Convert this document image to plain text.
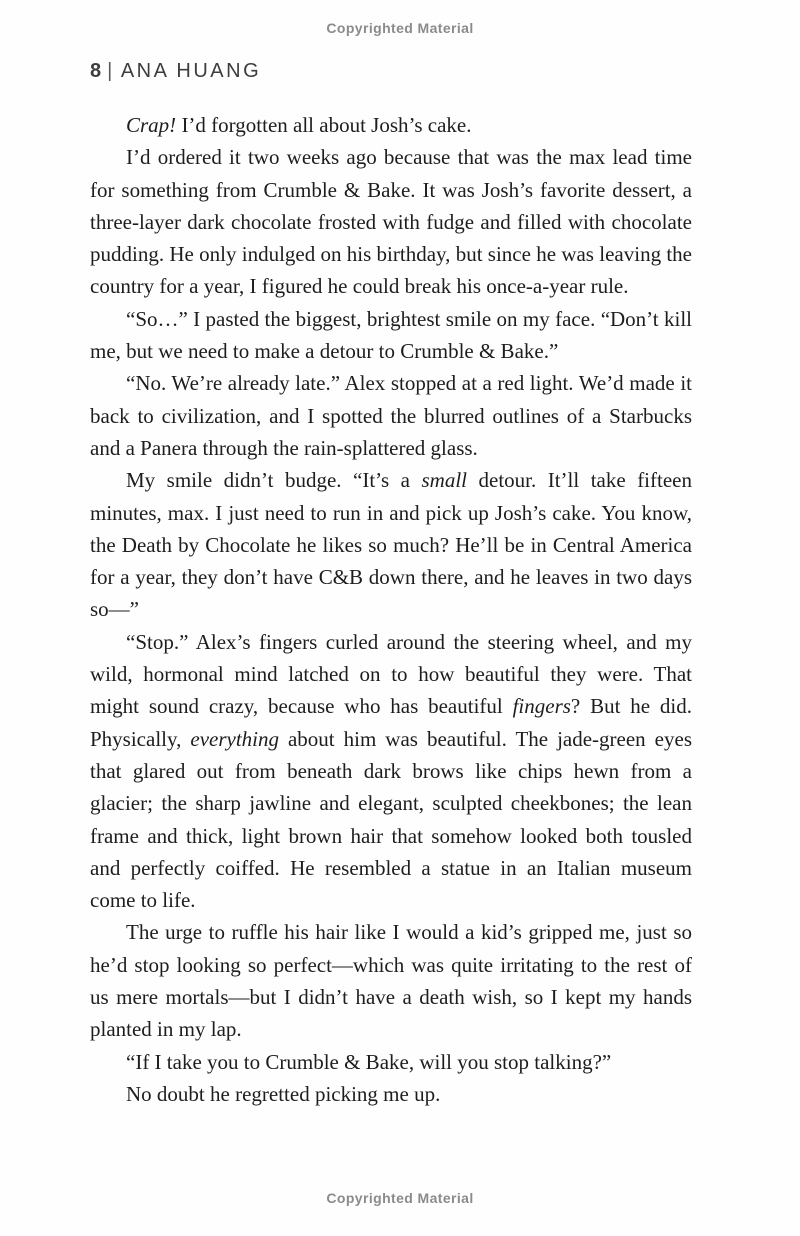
Copyrighted Material
8 | ANA HUANG

Crap! I’d forgotten all about Josh’s cake.

I’d ordered it two weeks ago because that was the max lead time for something from Crumble & Bake. It was Josh’s favorite dessert, a three-layer dark chocolate frosted with fudge and filled with chocolate pudding. He only indulged on his birthday, but since he was leaving the country for a year, I figured he could break his once-a-year rule.

“So…” I pasted the biggest, brightest smile on my face. “Don’t kill me, but we need to make a detour to Crumble & Bake.”

“No. We’re already late.” Alex stopped at a red light. We’d made it back to civilization, and I spotted the blurred outlines of a Starbucks and a Panera through the rain-splattered glass.

My smile didn’t budge. “It’s a small detour. It’ll take fifteen minutes, max. I just need to run in and pick up Josh’s cake. You know, the Death by Chocolate he likes so much? He’ll be in Central America for a year, they don’t have C&B down there, and he leaves in two days so—”

“Stop.” Alex’s fingers curled around the steering wheel, and my wild, hormonal mind latched on to how beautiful they were. That might sound crazy, because who has beautiful fingers? But he did. Physically, everything about him was beautiful. The jade-green eyes that glared out from beneath dark brows like chips hewn from a glacier; the sharp jawline and elegant, sculpted cheekbones; the lean frame and thick, light brown hair that somehow looked both tousled and perfectly coiffed. He resembled a statue in an Italian museum come to life.

The urge to ruffle his hair like I would a kid’s gripped me, just so he’d stop looking so perfect—which was quite irritating to the rest of us mere mortals—but I didn’t have a death wish, so I kept my hands planted in my lap.

“If I take you to Crumble & Bake, will you stop talking?”

No doubt he regretted picking me up.

Copyrighted Material
